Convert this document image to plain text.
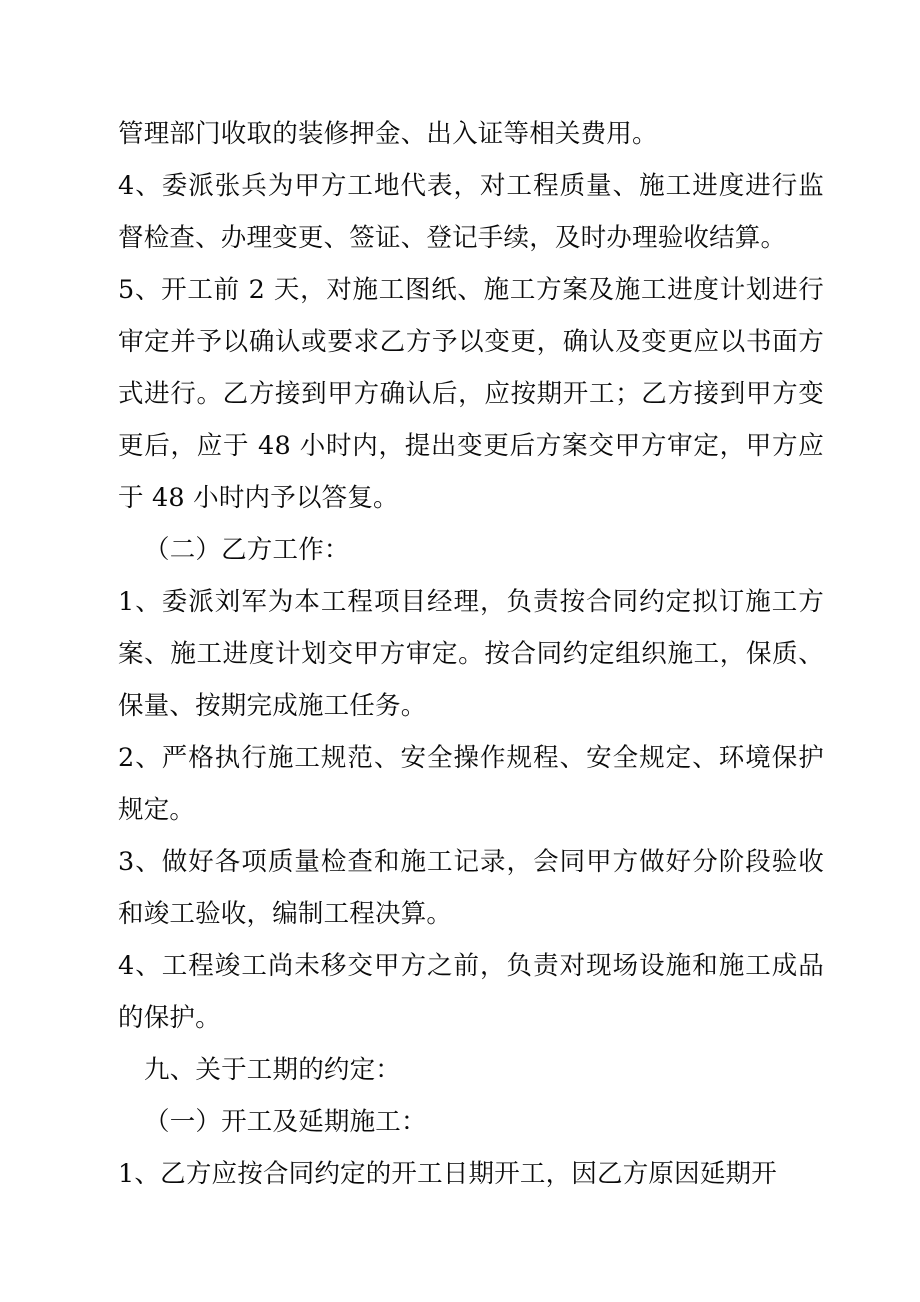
管理部门收取的装修押金、出入证等相关费用。

4、委派张兵为甲方工地代表，对工程质量、施工进度进行监督检查、办理变更、签证、登记手续，及时办理验收结算。

5、开工前 2 天，对施工图纸、施工方案及施工进度计划进行审定并予以确认或要求乙方予以变更，确认及变更应以书面方式进行。乙方接到甲方确认后，应按期开工；乙方接到甲方变更后，应于 48 小时内，提出变更后方案交甲方审定，甲方应于 48 小时内予以答复。

（二）乙方工作：

1、委派刘军为本工程项目经理，负责按合同约定拟订施工方案、施工进度计划交甲方审定。按合同约定组织施工，保质、保量、按期完成施工任务。

2、严格执行施工规范、安全操作规程、安全规定、环境保护规定。

3、做好各项质量检查和施工记录，会同甲方做好分阶段验收和竣工验收，编制工程决算。

4、工程竣工尚未移交甲方之前，负责对现场设施和施工成品的保护。

九、关于工期的约定：

（一）开工及延期施工：

1、乙方应按合同约定的开工日期开工，因乙方原因延期开
